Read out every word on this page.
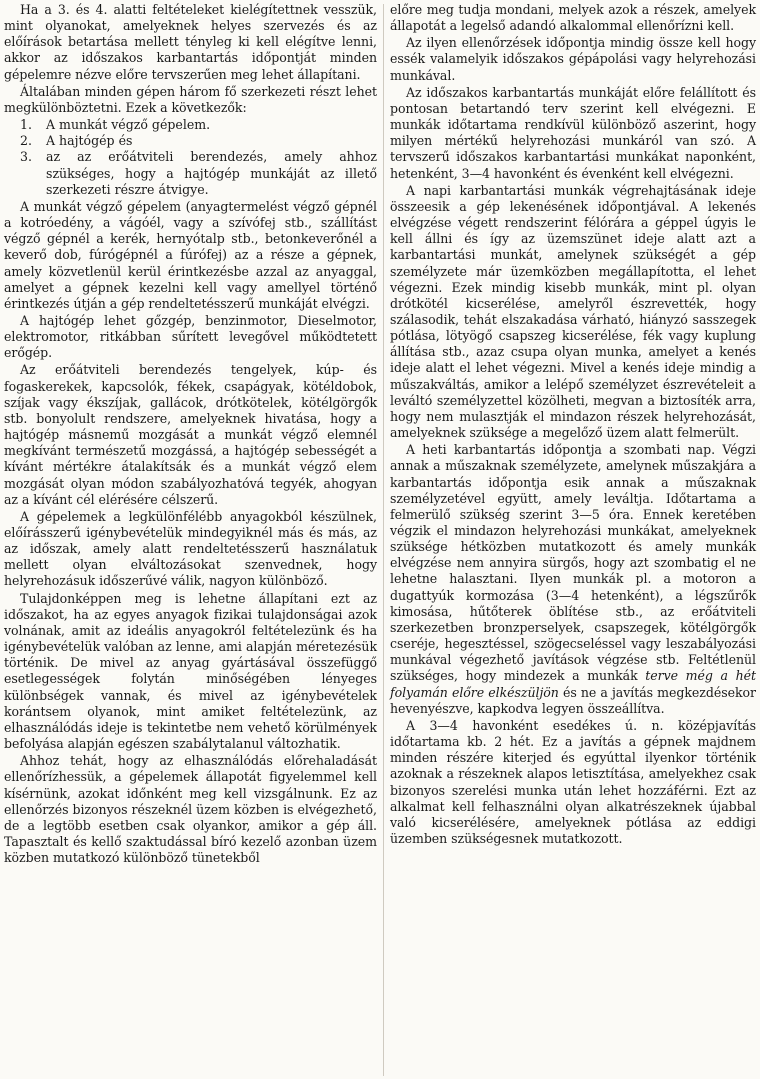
Ha a 3. és 4. alatti feltételeket kielégítettnek vesszük, mint olyanokat, amelyeknek helyes szervezés és az előírások betartása mellett tényleg ki kell elégítve lenni, akkor az időszakos karbantartás időpontját minden gépelemre nézve előre tervszerűen meg lehet állapítani.

Általában minden gépen három fő szerkezeti részt lehet megkülönböztetni. Ezek a következők:

1.	A munkát végző gépelem.
2.	A hajtógép és
3.	az az erőátviteli berendezés, amely ahhoz szükséges, hogy a hajtógép munkáját az illető szerkezeti részre átvigye.

A munkát végző gépelem (anyagtermelést végző gépnél a kotróedény, a vágóél, vagy a szívófej stb., szállítást végző gépnél a kerék, hernyótalp stb., betonkeverőnél a keverő dob, fúrógépnél a fúrófej) az a része a gépnek, amely közvetlenül kerül érintkezésbe azzal az anyaggal, amelyet a gépnek kezelni kell vagy amellyel történő érintkezés útján a gép rendeltetésszerű munkáját elvégzi.

A hajtógép lehet gőzgép, benzinmotor, Dieselmotor, elektromotor, ritkábban sűrített levegővel működtetett erőgép.

Az erőátviteli berendezés tengelyek, kúp- és fogaskerekek, kapcsolók, fékek, csapágyak, kötéldobok, szíjak vagy ékszíjak, gallácok, drótkötelek, kötélgörgők stb. bonyolult rendszere, amelyeknek hivatása, hogy a hajtógép másnemű mozgását a munkát végző elemnél megkívánt természetű mozgássá, a hajtógép sebességét a kívánt mértékre átalakítsák és a munkát végző elem mozgását olyan módon szabályozhatóvá tegyék, ahogyan az a kívánt cél elérésére célszerű.

A gépelemek a legkülönfélébb anyagokból készülnek, előírásszerű igénybevételük mindegyiknél más és más, az az időszak, amely alatt rendeltetésszerű használatuk mellett olyan elváltozásokat szenvednek, hogy helyrehozásuk időszerűvé válik, nagyon különböző.

Tulajdonképpen meg is lehetne állapítani ezt az időszakot, ha az egyes anyagok fizikai tulajdonságai azok volnának, amit az ideális anyagokról feltételezünk és ha igénybevételük valóban az lenne, ami alapján méretezésük történik. De mivel az anyag gyártásával összefüggő esetlegességek folytán minőségében lényeges különbségek vannak, és mivel az igénybevételek korántsem olyanok, mint amiket feltételezünk, az elhasználódás ideje is tekintetbe nem vehető körülmények befolyása alapján egészen szabálytalanul változhatik.

Ahhoz tehát, hogy az elhasználódás előrehaladását ellenőrízhessük, a gépelemek állapotát figyelemmel kell kísérnünk, azokat időnként meg kell vizsgálnunk. Ez az ellenőrzés bizonyos részeknél üzem közben is elvégezhető, de a legtöbb esetben csak olyankor, amikor a gép áll. Tapasztalt és kellő szaktudással bíró kezelő azonban üzem közben mutatkozó különböző tünetekből

előre meg tudja mondani, melyek azok a részek, amelyek állapotát a legelső adandó alkalommal ellenőrízni kell.

Az ilyen ellenőrzések időpontja mindig össze kell hogy essék valamelyik időszakos gépápolási vagy helyrehozási munkával.

Az időszakos karbantartás munkáját előre felállított és pontosan betartandó terv szerint kell elvégezni. E munkák időtartama rendkívül különböző aszerint, hogy milyen mértékű helyrehozási munkáról van szó. A tervszerű időszakos karbantartási munkákat naponként, hetenként, 3—4 havonként és évenként kell elvégezni.

A napi karbantartási munkák végrehajtásának ideje összeesik a gép lekenésének időpontjával. A lekenés elvégzése végett rendszerint félórára a géppel úgyis le kell állni és így az üzemszünet ideje alatt azt a karbantartási munkát, amelynek szükségét a gép személyzete már üzemközben megállapította, el lehet végezni. Ezek mindig kisebb munkák, mint pl. olyan drótkötél kicserélése, amelyről észrevették, hogy szálasodik, tehát elszakadása várható, hiányzó sasszegek pótlása, lötyögő csapszeg kicserélése, fék vagy kuplung állítása stb., azaz csupa olyan munka, amelyet a kenés ideje alatt el lehet végezni. Mivel a kenés ideje mindig a műszakváltás, amikor a lelépő személyzet észrevételeit a leváltó személyzettel közölheti, megvan a biztosíték arra, hogy nem mulasztják el mindazon részek helyrehozását, amelyeknek szüksége a megelőző üzem alatt felmerült.

A heti karbantartás időpontja a szombati nap. Végzi annak a műszaknak személyzete, amelynek műszakjára a karbantartás időpontja esik annak a műszaknak személyzetével együtt, amely leváltja. Időtartama a felmerülő szükség szerint 3—5 óra. Ennek keretében végzik el mindazon helyrehozási munkákat, amelyeknek szüksége hétközben mutatkozott és amely munkák elvégzése nem annyira sürgős, hogy azt szombatig el ne lehetne halasztani. Ilyen munkák pl. a motoron a dugattyúk kormozása (3—4 hetenként), a légszűrők kimosása, hűtőterek öblítése stb., az erőátviteli szerkezetben bronzperselyek, csapszegek, kötélgörgők cseréje, hegesztéssel, szögecseléssel vagy leszabályozási munkával végezhető javítások végzése stb. Feltétlenül szükséges, hogy mindezek a munkák terve még a hét folyamán előre elkészüljön és ne a javítás megkezdésekor hevenyészve, kapkodva legyen összeállítva.

A 3—4 havonként esedékes ú. n. középjavítás időtartama kb. 2 hét. Ez a javítás a gépnek majdnem minden részére kiterjed és egyúttal ilyenkor történik azoknak a részeknek alapos letisztítása, amelyekhez csak bizonyos szerelési munka után lehet hozzáférni. Ezt az alkalmat kell felhasználni olyan alkatrészeknek újabbal való kicserélésére, amelyeknek pótlása az eddigi üzemben szükségesnek mutatkozott.
